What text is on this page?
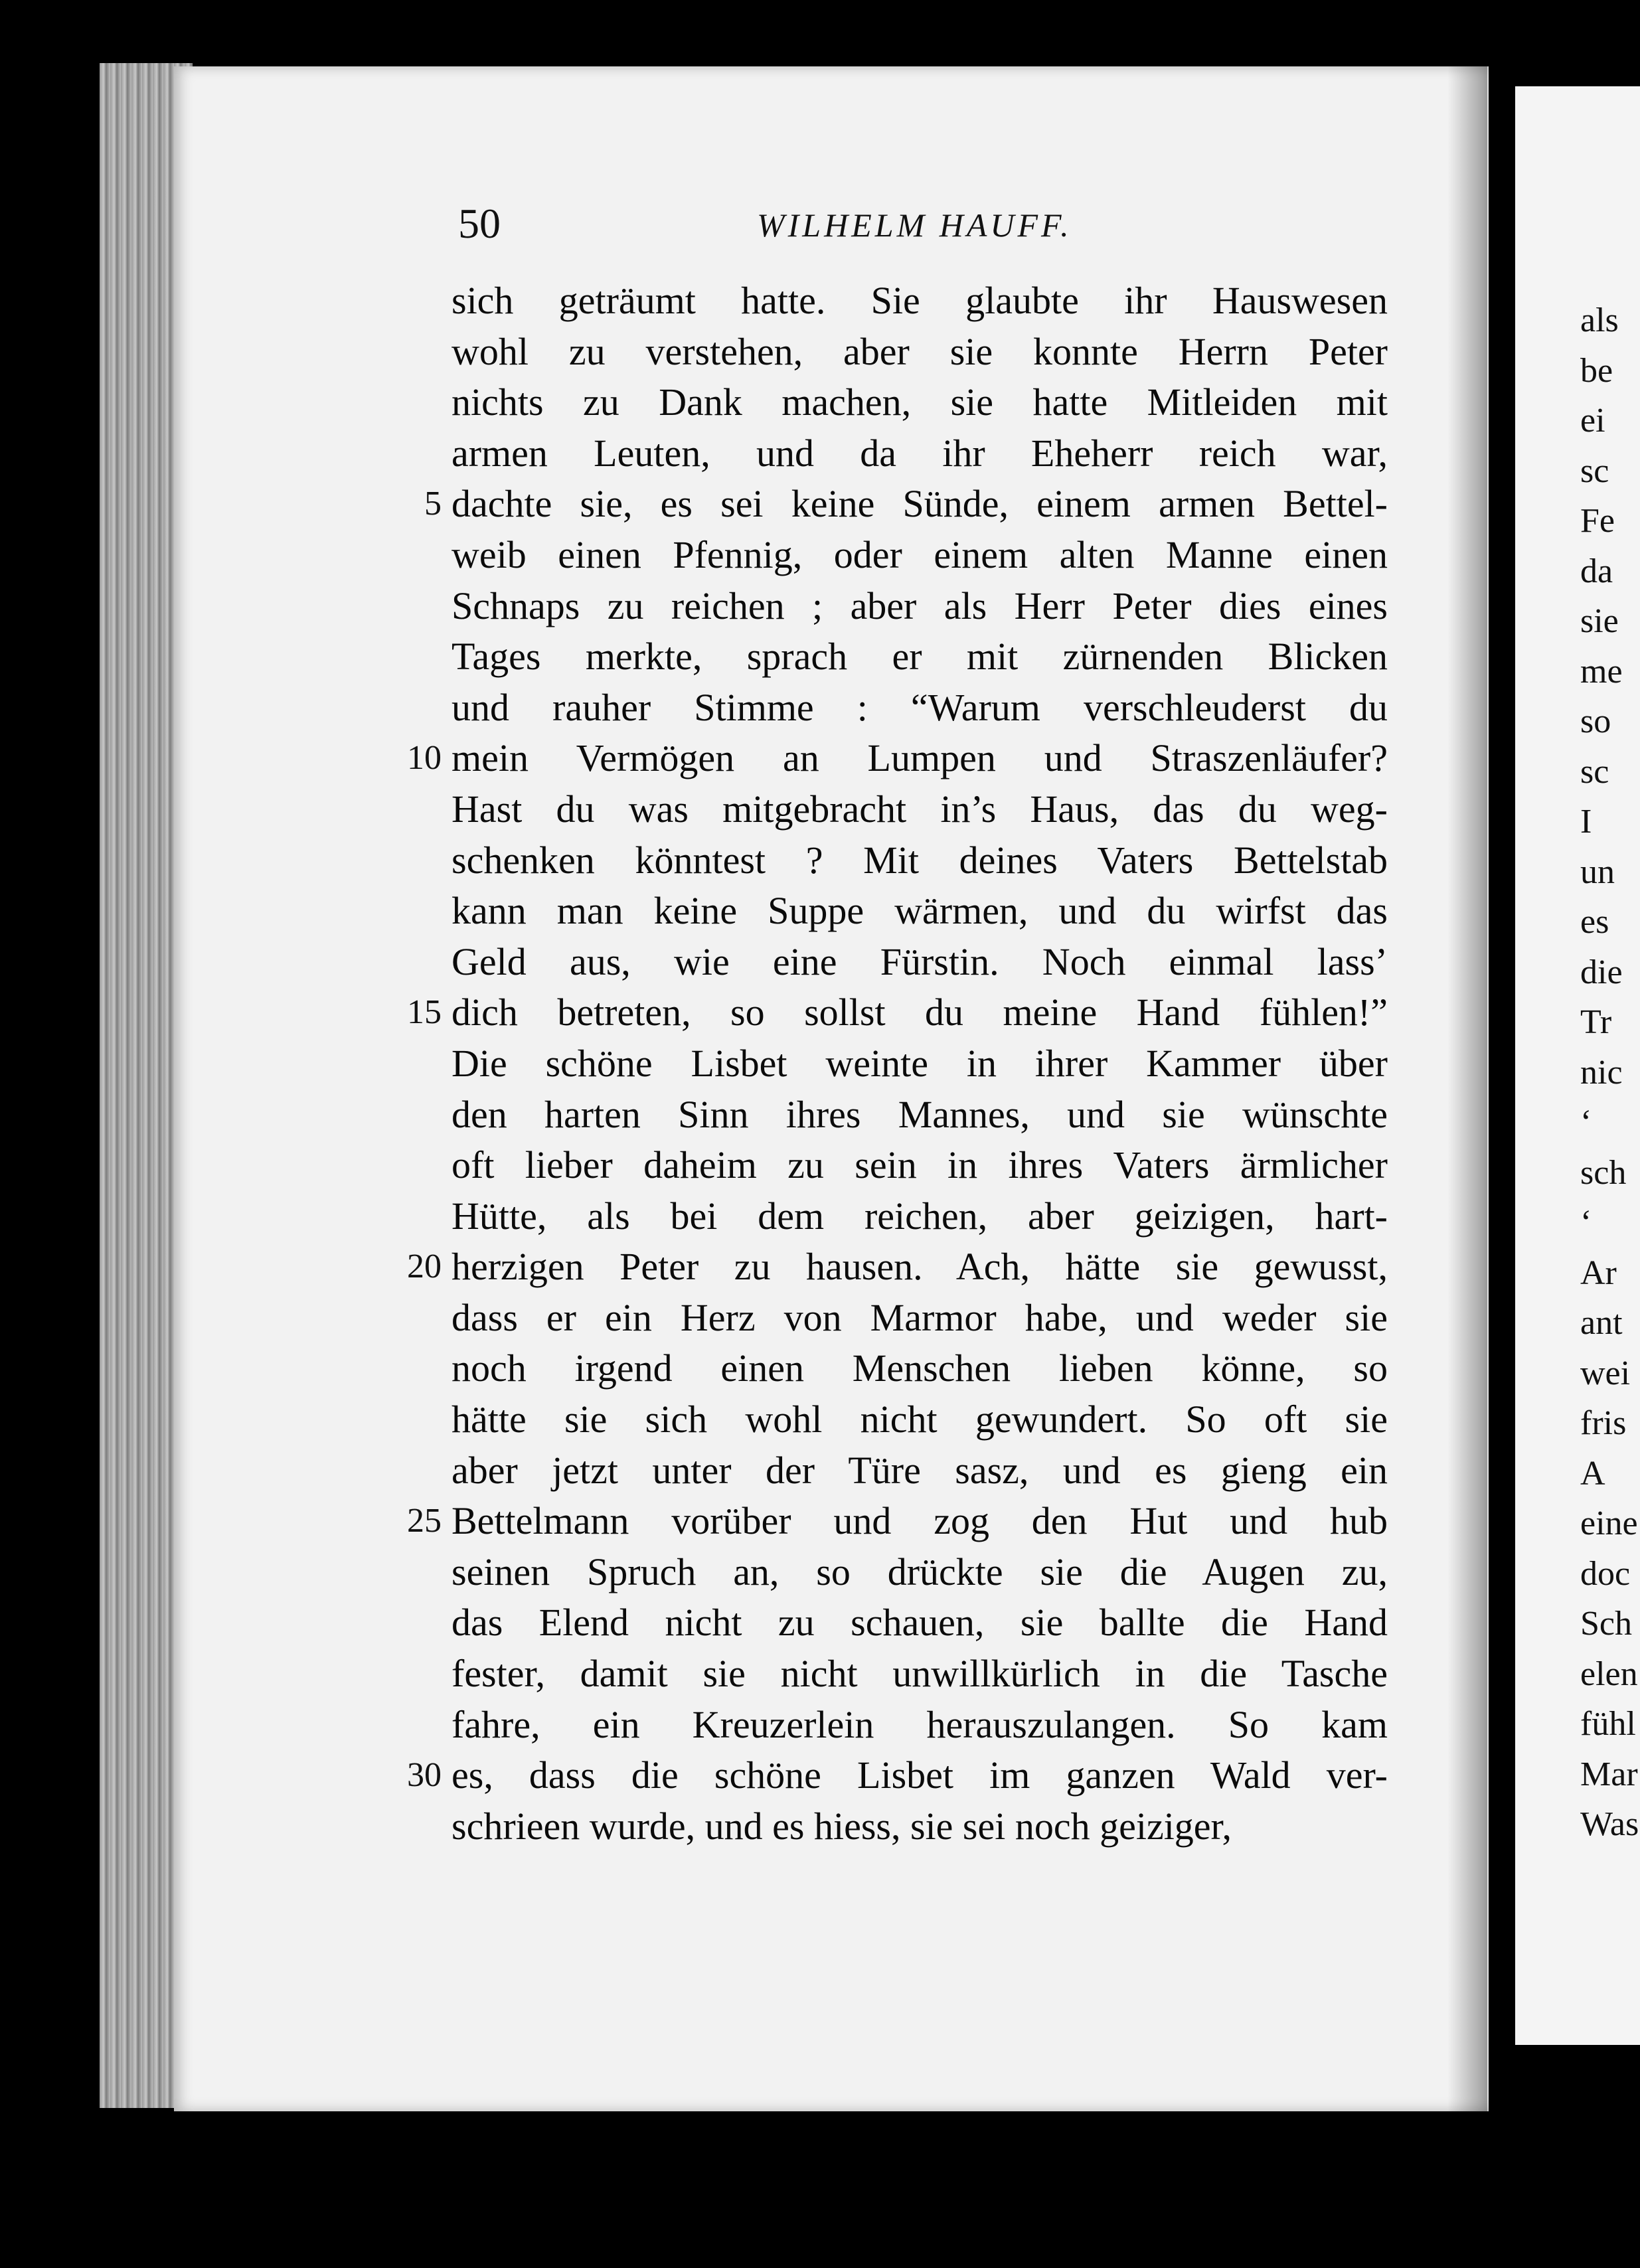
50	WILHELM HAUFF.
sich geträumt hatte. Sie glaubte ihr Hauswesen
wohl zu verstehen, aber sie konnte Herrn Peter
nichts zu Dank machen, sie hatte Mitleiden mit
armen Leuten, und da ihr Eheherr reich war,
5 dachte sie, es sei keine Sünde, einem armen Bettel-
weib einen Pfennig, oder einem alten Manne einen
Schnaps zu reichen ; aber als Herr Peter dies eines
Tages merkte, sprach er mit zürnenden Blicken
und rauher Stimme : “Warum verschleuderst du
10 mein Vermögen an Lumpen und Straszenläufer?
Hast du was mitgebracht in’s Haus, das du weg-
schenken könntest ? Mit deines Vaters Bettelstab
kann man keine Suppe wärmen, und du wirfst das
Geld aus, wie eine Fürstin. Noch einmal lass’
15 dich betreten, so sollst du meine Hand fühlen!”
Die schöne Lisbet weinte in ihrer Kammer über
den harten Sinn ihres Mannes, und sie wünschte
oft lieber daheim zu sein in ihres Vaters ärmlicher
Hütte, als bei dem reichen, aber geizigen, hart-
20 herzigen Peter zu hausen. Ach, hätte sie gewusst,
dass er ein Herz von Marmor habe, und weder sie
noch irgend einen Menschen lieben könne, so
hätte sie sich wohl nicht gewundert. So oft sie
aber jetzt unter der Türe sasz, und es gieng ein
25 Bettelmann vorüber und zog den Hut und hub
seinen Spruch an, so drückte sie die Augen zu,
das Elend nicht zu schauen, sie ballte die Hand
fester, damit sie nicht unwillkürlich in die Tasche
fahre, ein Kreuzerlein herauszulangen. So kam
30 es, dass die schöne Lisbet im ganzen Wald ver-
schrieen wurde, und es hiess, sie sei noch geiziger,
als
be
ei
sc
Fe
da
sie
me
so
sc
I
un
es
die
Tr
nic
‘
sch
‘
Ar
ant
wei
fris
A
eine
doc
Sch
elen
fühl
Mar
Was
